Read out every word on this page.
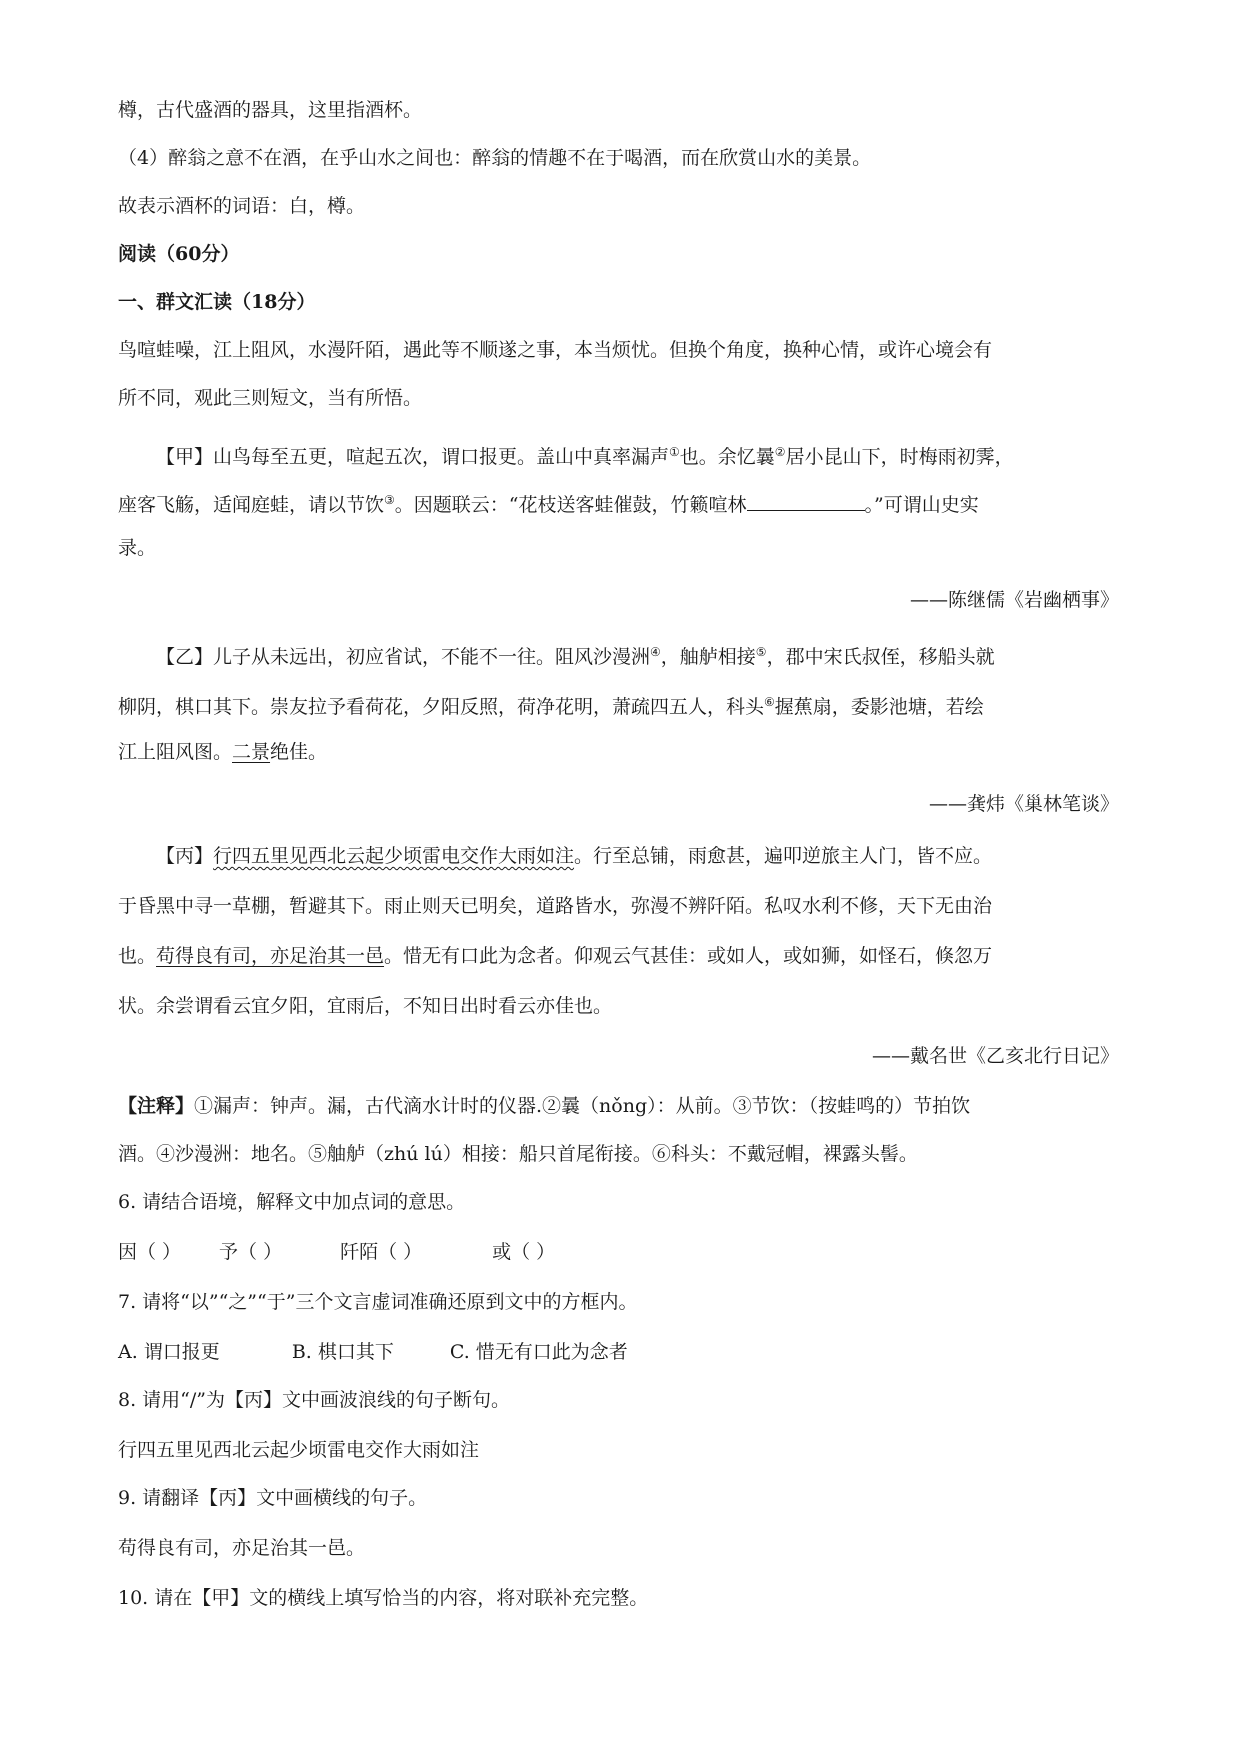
樽，古代盛酒的器具，这里指酒杯。
（4）醉翁之意不在酒，在乎山水之间也：醉翁的情趣不在于喝酒，而在欣赏山水的美景。
故表示酒杯的词语：白，樽。
阅读（60分）
一、群文汇读（18分）
鸟喧蛙噪，江上阻风，水漫阡陌，遇此等不顺遂之事，本当烦忧。但换个角度，换种心情，或许心境会有
所不同，观此三则短文，当有所悟。
【甲】山鸟每至五更，喧起五次，谓口报更。盖山中真率漏声①也。余忆曩②居小昆山下，时梅雨初霁，
座客飞觞，适闻庭蛙，请以节饮③。因题联云：“花枝送客蛙催鼓，竹籁喧林	。”可谓山史实
录。
——陈继儒《岩幽栖事》
【乙】儿子从未远出，初应省试，不能不一往。阻风沙漫洲④，舳舻相接⑤，郡中宋氏叔侄，移船头就
柳阴，棋口其下。崇友拉予看荷花，夕阳反照，荷净花明，萧疏四五人，科头⑥握蕉扇，委影池塘，若绘
江上阻风图。二景绝佳。
——龚炜《巢林笔谈》
【丙】行四五里见西北云起少顷雷电交作大雨如注。行至总铺，雨愈甚，遍叩逆旅主人门，皆不应。
于昏黑中寻一草棚，暂避其下。雨止则天已明矣，道路皆水，弥漫不辨阡陌。私叹水利不修，天下无由治
也。苟得良有司，亦足治其一邑。惜无有口此为念者。仰观云气甚佳：或如人，或如狮，如怪石，倏忽万
状。余尝谓看云宜夕阳，宜雨后，不知日出时看云亦佳也。
——戴名世《乙亥北行日记》
【注释】①漏声：钟声。漏，古代滴水计时的仪器.②曩（nǒng）：从前。③节饮：（按蛙鸣的）节拍饮
酒。④沙漫洲：地名。⑤舳舻（zhú lú）相接：船只首尾衔接。⑥科头：不戴冠帽，裸露头髻。
6. 请结合语境，解释文中加点词的意思。
因（ ） 予（ ）	阡陌（ ）	或（ ）
7. 请将“以”“之”“于”三个文言虚词准确还原到文中的方框内。
A. 谓口报更	B. 棋口其下	C. 惜无有口此为念者
8. 请用“/”为【丙】文中画波浪线的句子断句。
行四五里见西北云起少顷雷电交作大雨如注
9. 请翻译【丙】文中画横线的句子。
苟得良有司，亦足治其一邑。
10. 请在【甲】文的横线上填写恰当的内容，将对联补充完整。
